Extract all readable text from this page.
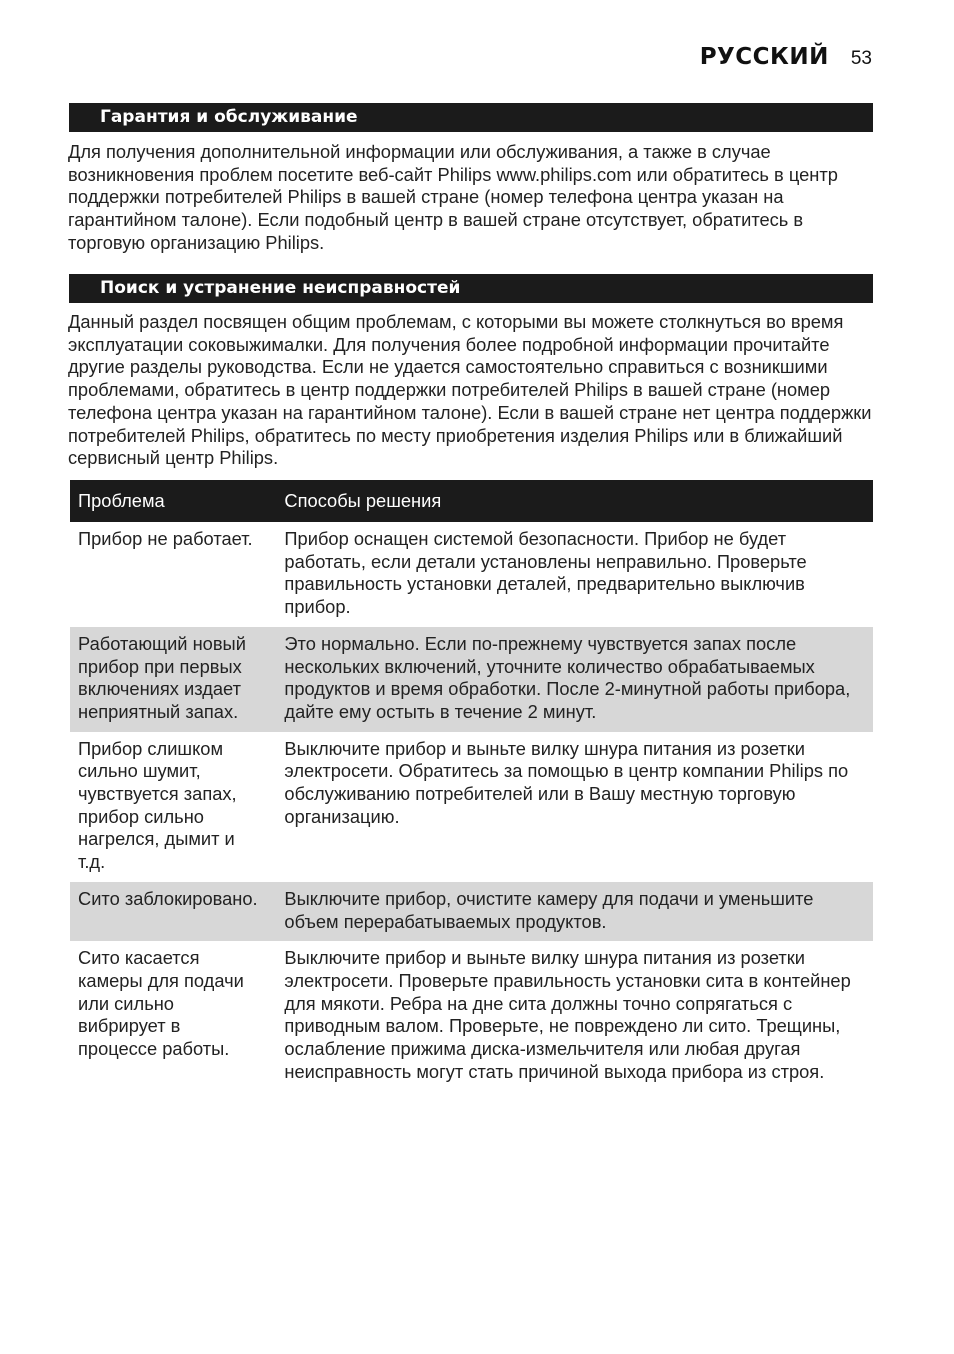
РУССКИЙ 53
Гарантия и обслуживание

Для получения дополнительной информации или обслуживания, а также в случае возникновения проблем посетите веб-сайт Philips www.philips.com или обратитесь в центр поддержки потребителей Philips в вашей стране (номер телефона центра указан на гарантийном талоне). Если подобный центр в вашей стране отсутствует, обратитесь в торговую организацию Philips.

Поиск и устранение неисправностей

Данный раздел посвящен общим проблемам, с которыми вы можете столкнуться во время эксплуатации соковыжималки. Для получения более подробной информации прочитайте другие разделы руководства. Если не удается самостоятельно справиться с возникшими проблемами, обратитесь в центр поддержки потребителей Philips в вашей стране (номер телефона центра указан на гарантийном талоне). Если в вашей стране нет центра поддержки потребителей Philips, обратитесь по месту приобретения изделия Philips или в ближайший сервисный центр Philips.

Проблема	Способы решения
Прибор не работает.	Прибор оснащен системой безопасности. Прибор не будет работать, если детали установлены неправильно. Проверьте правильность установки деталей, предварительно выключив прибор.
Работающий новый прибор при первых включениях издает неприятный запах.	Это нормально. Если по-прежнему чувствуется запах после нескольких включений, уточните количество обрабатываемых продуктов и время обработки. После 2-минутной работы прибора, дайте ему остыть в течение 2 минут.
Прибор слишком сильно шумит, чувствуется запах, прибор сильно нагрелся, дымит и т.д.	Выключите прибор и выньте вилку шнура питания из розетки электросети. Обратитесь за помощью в центр компании Philips по обслуживанию потребителей или в Вашу местную торговую организацию.
Сито заблокировано.	Выключите прибор, очистите камеру для подачи и уменьшите объем перерабатываемых продуктов.
Сито касается камеры для подачи или сильно вибрирует в процессе работы.	Выключите прибор и выньте вилку шнура питания из розетки электросети. Проверьте правильность установки сита в контейнер для мякоти. Ребра на дне сита должны точно сопрягаться с приводным валом. Проверьте, не повреждено ли сито. Трещины, ослабление прижима диска-измельчителя или любая другая неисправность могут стать причиной выхода прибора из строя.
